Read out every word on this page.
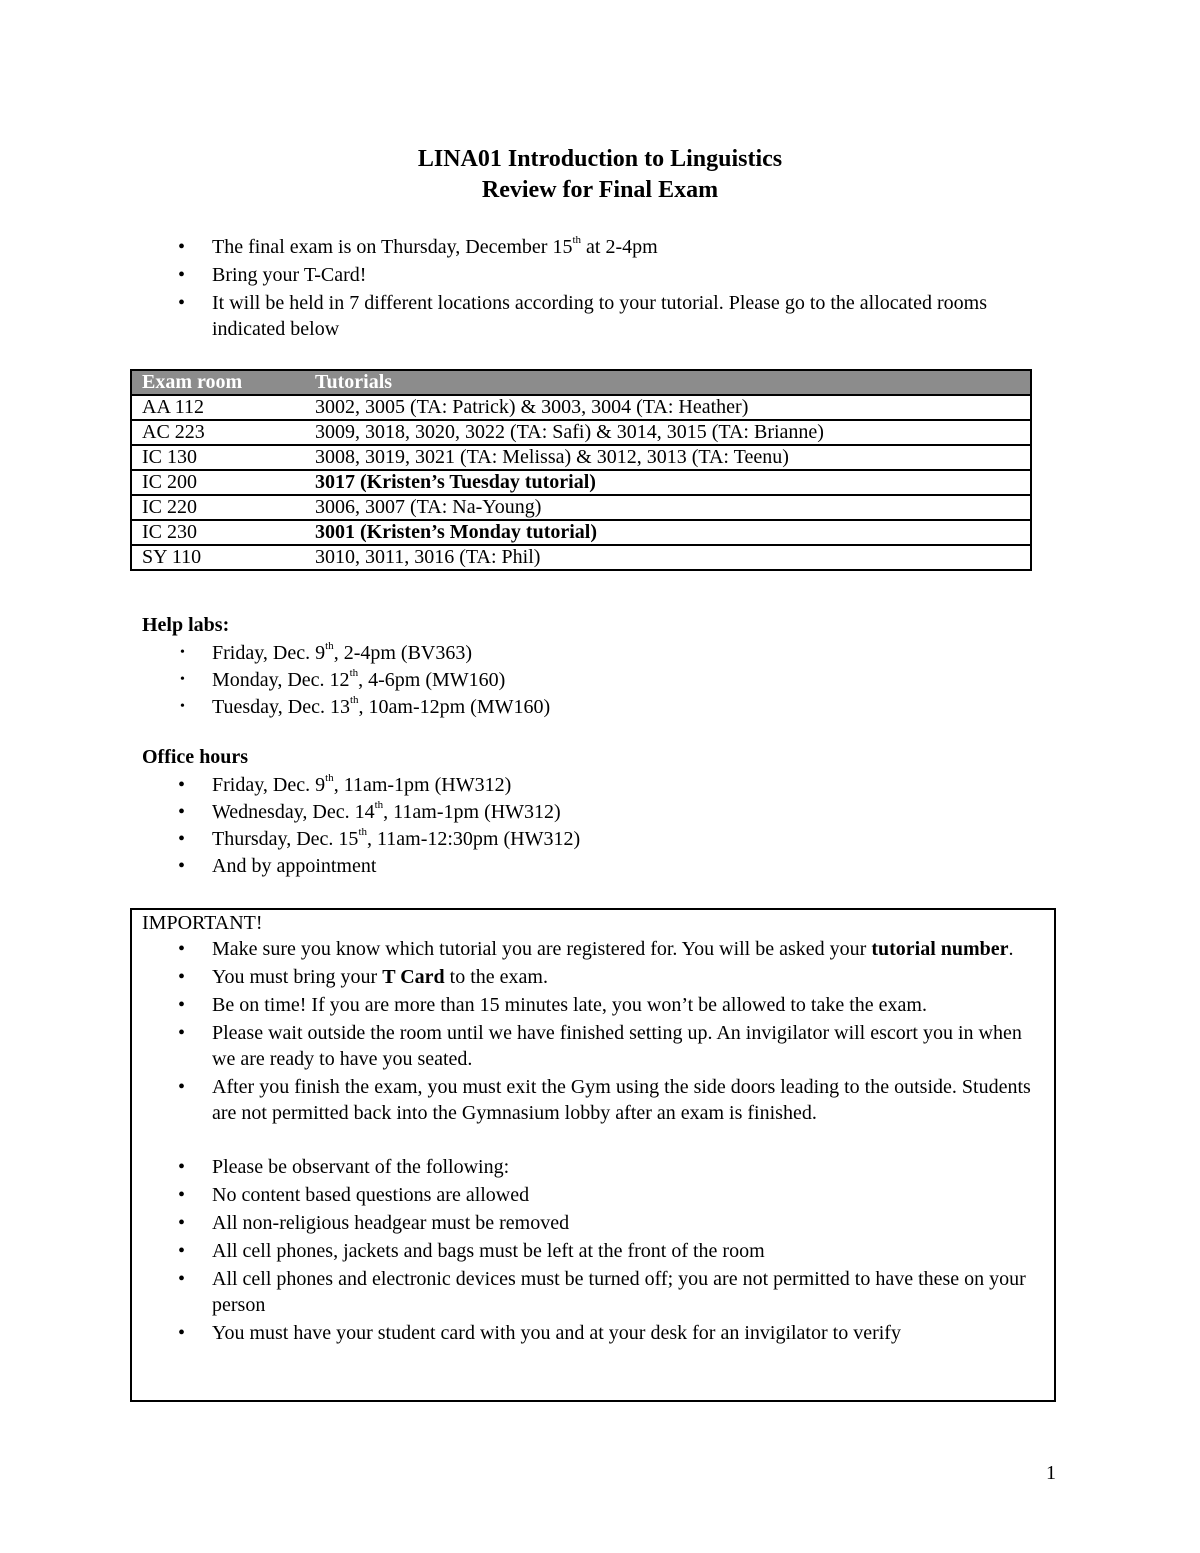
LINA01 Introduction to Linguistics
Review for Final Exam
• The final exam is on Thursday, December 15th at 2-4pm
• Bring your T-Card!
• It will be held in 7 different locations according to your tutorial. Please go to the allocated rooms indicated below
Exam room	Tutorials
AA 112	3002, 3005 (TA: Patrick) & 3003, 3004 (TA: Heather)
AC 223	3009, 3018, 3020, 3022 (TA: Safi) & 3014, 3015 (TA: Brianne)
IC 130	3008, 3019, 3021 (TA: Melissa) & 3012, 3013 (TA: Teenu)
IC 200	3017 (Kristen’s Tuesday tutorial)
IC 220	3006, 3007 (TA: Na-Young)
IC 230	3001 (Kristen’s Monday tutorial)
SY 110	3010, 3011, 3016 (TA: Phil)
Help labs:
• Friday, Dec. 9th, 2-4pm (BV363)
• Monday, Dec. 12th, 4-6pm (MW160)
• Tuesday, Dec. 13th, 10am-12pm (MW160)
Office hours
• Friday, Dec. 9th, 11am-1pm (HW312)
• Wednesday, Dec. 14th, 11am-1pm (HW312)
• Thursday, Dec. 15th, 11am-12:30pm (HW312)
• And by appointment
IMPORTANT!
• Make sure you know which tutorial you are registered for. You will be asked your tutorial number.
• You must bring your T Card to the exam.
• Be on time! If you are more than 15 minutes late, you won’t be allowed to take the exam.
• Please wait outside the room until we have finished setting up. An invigilator will escort you in when we are ready to have you seated.
• After you finish the exam, you must exit the Gym using the side doors leading to the outside. Students are not permitted back into the Gymnasium lobby after an exam is finished.
• Please be observant of the following:
• No content based questions are allowed
• All non-religious headgear must be removed
• All cell phones, jackets and bags must be left at the front of the room
• All cell phones and electronic devices must be turned off; you are not permitted to have these on your person
• You must have your student card with you and at your desk for an invigilator to verify
1
